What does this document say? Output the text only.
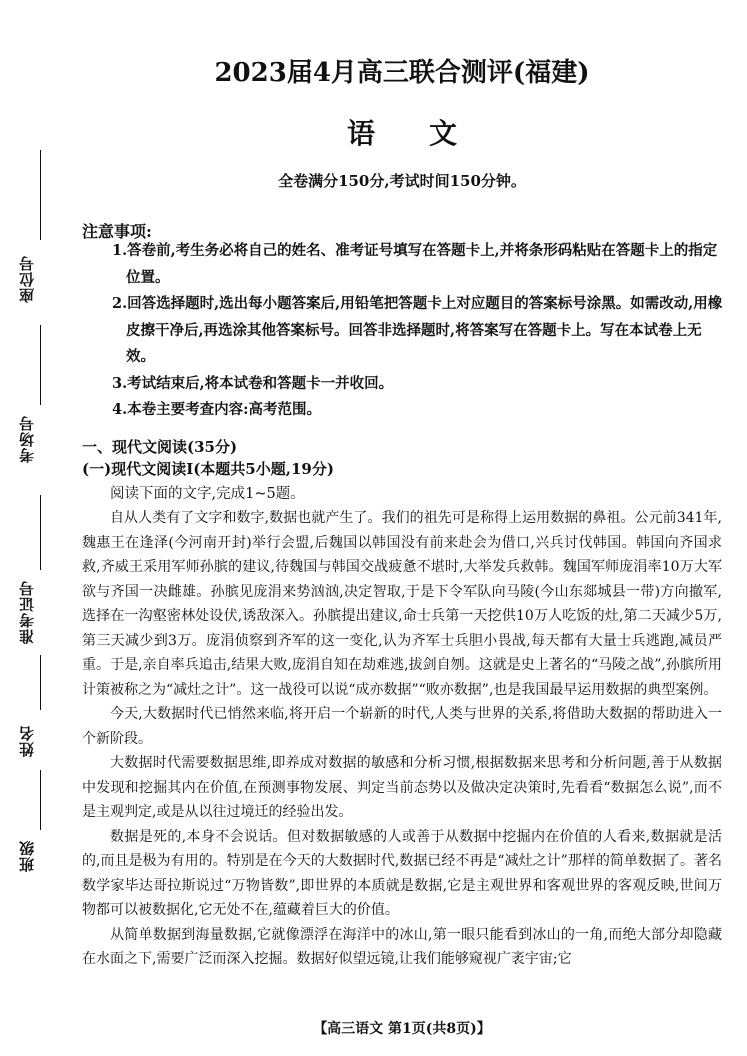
座位号
考场号
准考证号
姓名
班级
2023届4月高三联合测评(福建)
语文
全卷满分150分,考试时间150分钟。
注意事项:
1.答卷前,考生务必将自己的姓名、准考证号填写在答题卡上,并将条形码粘贴在答题卡上的指定位置。
2.回答选择题时,选出每小题答案后,用铅笔把答题卡上对应题目的答案标号涂黑。如需改动,用橡皮擦干净后,再选涂其他答案标号。回答非选择题时,将答案写在答题卡上。写在本试卷上无效。
3.考试结束后,将本试卷和答题卡一并收回。
4.本卷主要考查内容:高考范围。
一、现代文阅读(35分)
(一)现代文阅读Ⅰ(本题共5小题,19分)
阅读下面的文字,完成1~5题。

自从人类有了文字和数字,数据也就产生了。我们的祖先可是称得上运用数据的鼻祖。公元前341年,魏惠王在逢泽(今河南开封)举行会盟,后魏国以韩国没有前来赴会为借口,兴兵讨伐韩国。韩国向齐国求救,齐威王采用军师孙膑的建议,待魏国与韩国交战疲惫不堪时,大举发兵救韩。魏国军师庞涓率10万大军欲与齐国一决雌雄。孙膑见庞涓来势汹汹,决定智取,于是下令军队向马陵(今山东郯城县一带)方向撤军,选择在一沟壑密林处设伏,诱敌深入。孙膑提出建议,命士兵第一天挖供10万人吃饭的灶,第二天减少5万,第三天减少到3万。庞涓侦察到齐军的这一变化,认为齐军士兵胆小畏战,每天都有大量士兵逃跑,减员严重。于是,亲自率兵追击,结果大败,庞涓自知在劫难逃,拔剑自刎。这就是史上著名的“马陵之战”,孙膑所用计策被称之为“减灶之计”。这一战役可以说“成亦数据”“败亦数据”,也是我国最早运用数据的典型案例。

今天,大数据时代已悄然来临,将开启一个崭新的时代,人类与世界的关系,将借助大数据的帮助进入一个新阶段。

大数据时代需要数据思维,即养成对数据的敏感和分析习惯,根据数据来思考和分析问题,善于从数据中发现和挖掘其内在价值,在预测事物发展、判定当前态势以及做决定决策时,先看看“数据怎么说”,而不是主观判定,或是从以往过境迁的经验出发。

数据是死的,本身不会说话。但对数据敏感的人或善于从数据中挖掘内在价值的人看来,数据就是活的,而且是极为有用的。特别是在今天的大数据时代,数据已经不再是“减灶之计”那样的简单数据了。著名数学家毕达哥拉斯说过“万物皆数”,即世界的本质就是数据,它是主观世界和客观世界的客观反映,世间万物都可以被数据化,它无处不在,蕴藏着巨大的价值。

从简单数据到海量数据,它就像漂浮在海洋中的冰山,第一眼只能看到冰山的一角,而绝大部分却隐藏在水面之下,需要广泛而深入挖掘。数据好似望远镜,让我们能够窥视广袤宇宙;它

【高三语文 第1页(共8页)】
